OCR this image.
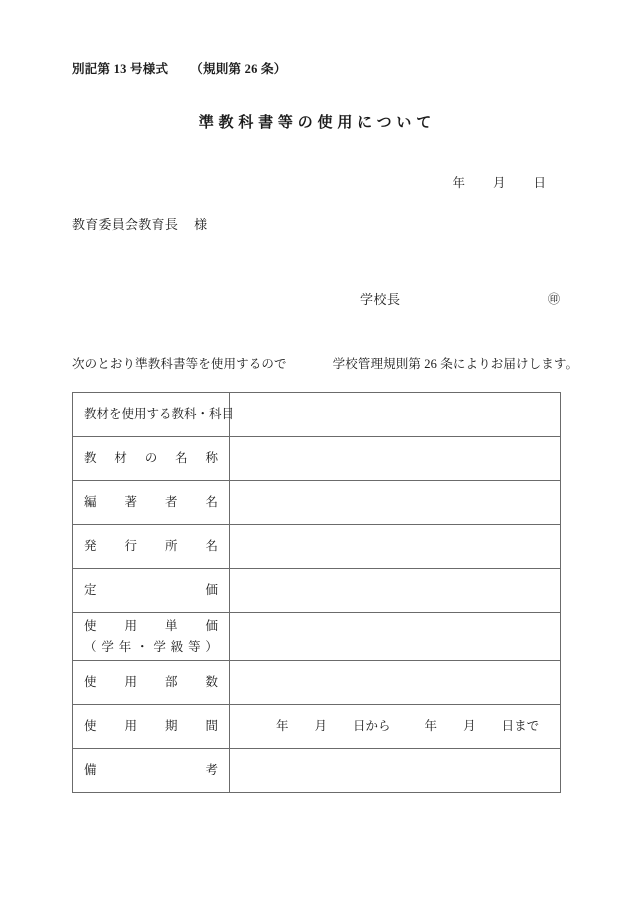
別記第 13 号様式 （規則第 26 条）
準教科書等の使用について
年 月 日
教育委員会教育長 様
学校長	㊞
次のとおり準教科書等を使用するので	学校管理規則第 26 条によりお届けします。
教材を使用する教科・科目	

教 材 の 名 称	

編 著 者 名	

発 行 所 名	

定 価	

使 用 単 価
（ 学 年 ・ 学 級 等 ）

使 用 部 数	

使 用 期 間	年 月 日から 年 月 日まで

備 考	
